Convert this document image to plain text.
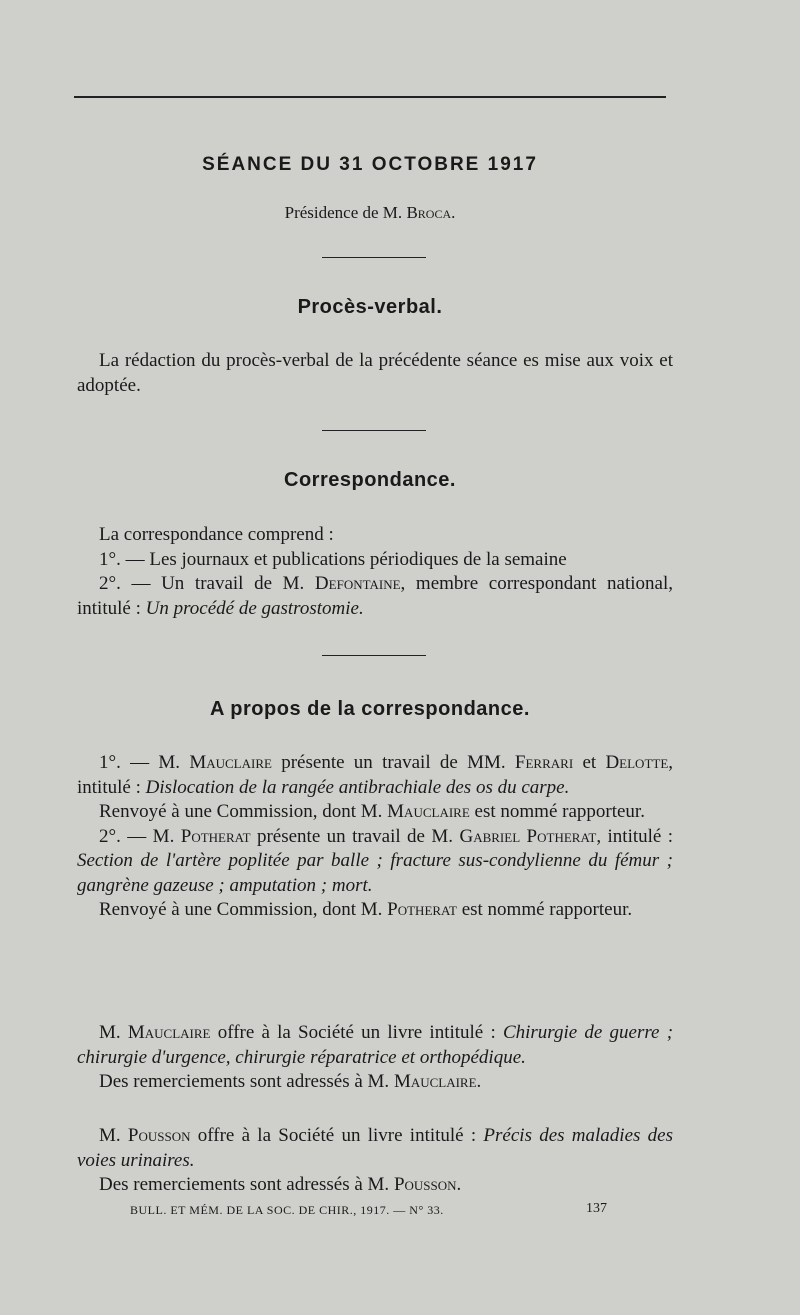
SÉANCE DU 31 OCTOBRE 1917
Présidence de M. Broca.
Procès-verbal.
La rédaction du procès-verbal de la précédente séance es mise aux voix et adoptée.
Correspondance.
La correspondance comprend :
1°. — Les journaux et publications périodiques de la semaine
2°. — Un travail de M. Defontaine, membre correspondant national, intitulé : Un procédé de gastrostomie.
A propos de la correspondance.
1°. — M. Mauclaire présente un travail de MM. Ferrari et Delotte, intitulé : Dislocation de la rangée antibrachiale des os du carpe.
Renvoyé à une Commission, dont M. Mauclaire est nommé rapporteur.
2°. — M. Potherat présente un travail de M. Gabriel Potherat, intitulé : Section de l'artère poplitée par balle ; fracture sus-condylienne du fémur ; gangrène gazeuse ; amputation ; mort.
Renvoyé à une Commission, dont M. Potherat est nommé rapporteur.
M. Mauclaire offre à la Société un livre intitulé : Chirurgie de guerre ; chirurgie d'urgence, chirurgie réparatrice et orthopédique.
Des remerciements sont adressés à M. Mauclaire.
M. Pousson offre à la Société un livre intitulé : Précis des maladies des voies urinaires.
Des remerciements sont adressés à M. Pousson.
BULL. ET MÉM. DE LA SOC. DE CHIR., 1917. — N° 33.	137
